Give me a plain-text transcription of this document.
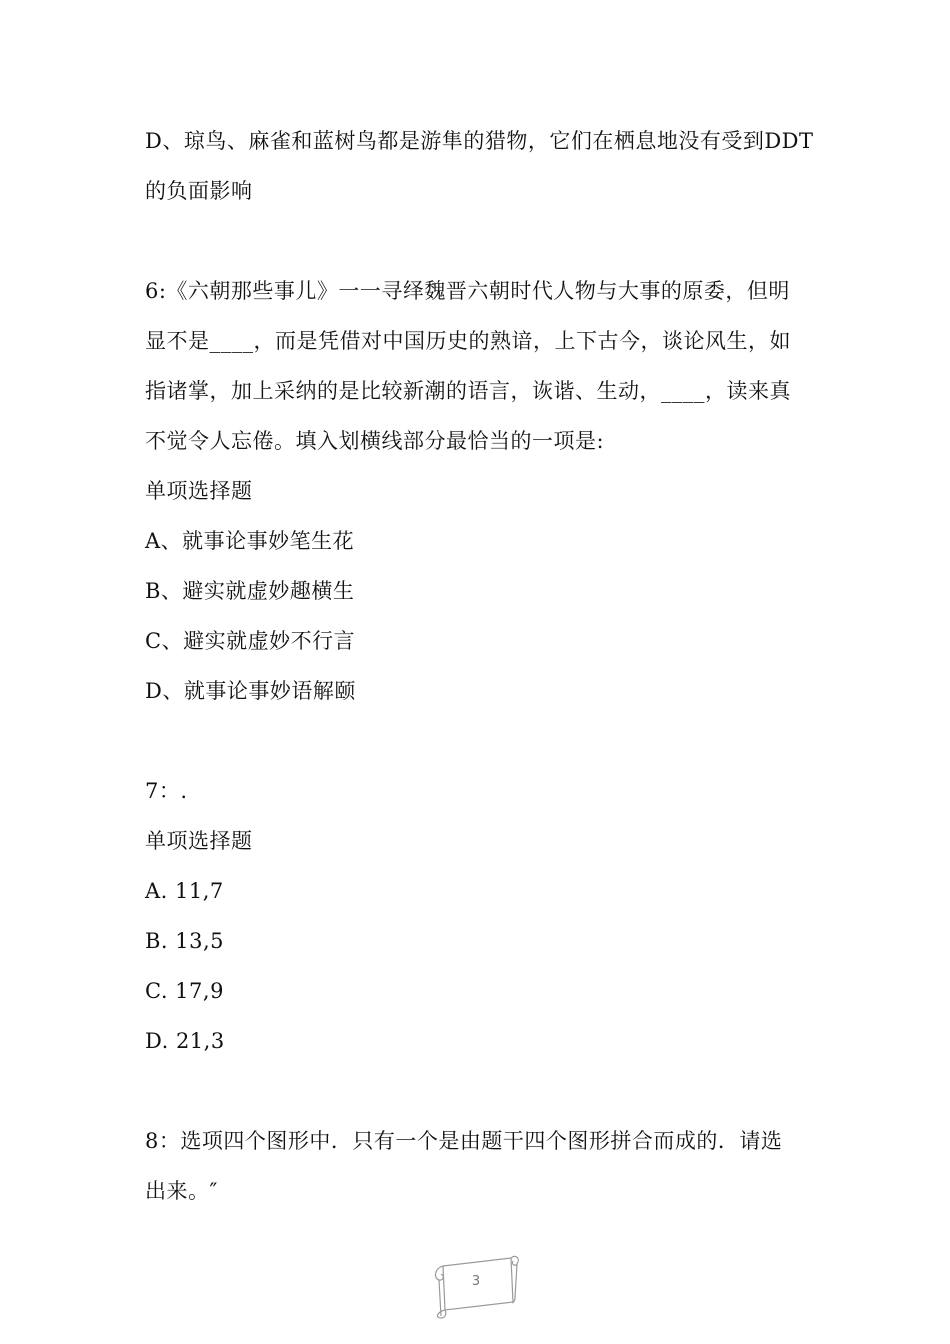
D、琼鸟、麻雀和蓝树鸟都是游隼的猎物，它们在栖息地没有受到DDT
的负面影响
6:《六朝那些事儿》一一寻绎魏晋六朝时代人物与大事的原委，但明
显不是____，而是凭借对中国历史的熟谙，上下古今，谈论风生，如
指诸掌，加上采纳的是比较新潮的语言，诙谐、生动，____，读来真
不觉令人忘倦。填入划横线部分最恰当的一项是:
单项选择题
A、就事论事妙笔生花
B、避实就虚妙趣横生
C、避实就虚妙不行言
D、就事论事妙语解颐
7：.
单项选择题
A. 11,7
B. 13,5
C. 17,9
D. 21,3
8：选项四个图形中．只有一个是由题干四个图形拼合而成的．请选
出来。″
3
